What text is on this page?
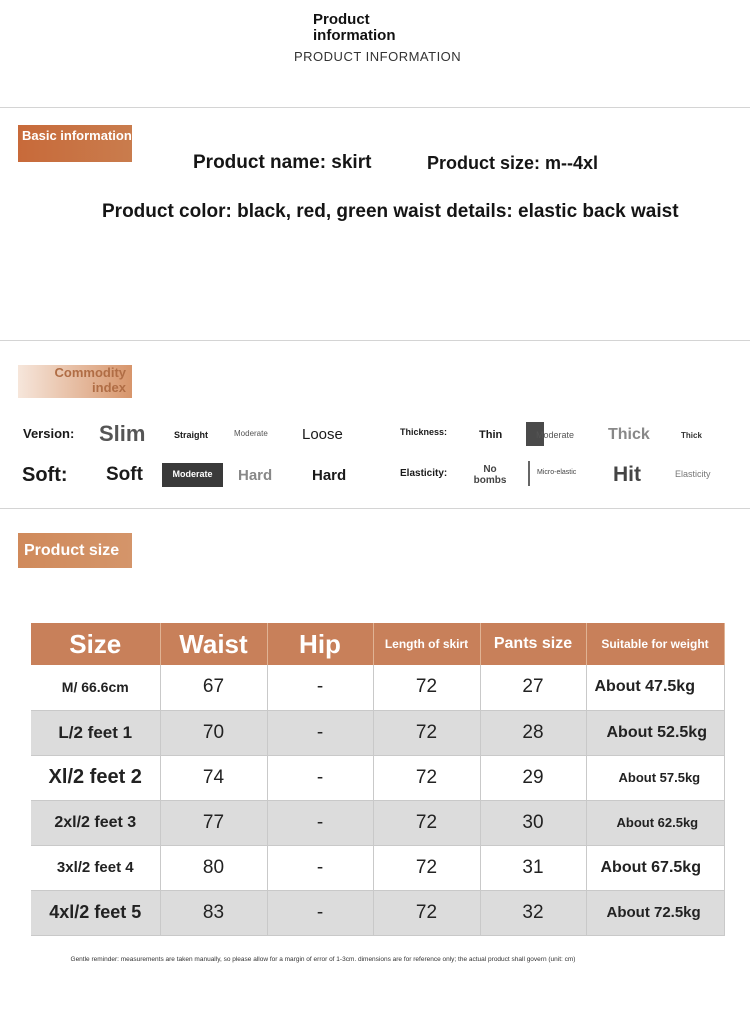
Product information
PRODUCT INFORMATION
Basic information
Product name: skirt	Product size: m--4xl
Product color: black, red, green waist details: elastic back waist
Commodity index
Version: Slim	Straight	Moderate Loose	Thickness:	Thin	Moderate Thick	Thick
Soft: Soft	Moderate	Hard	Hard	Elasticity:	No bombs
Micro-elastic Hit	Elasticity
Product size
Size	Waist	Hip	Length of skirt	Pants size	Suitable for weight
M/ 66.6cm	67	-	72	27	About 47.5kg
L/2 feet 1	70	-	72	28	About 52.5kg
Xl/2 feet 2	74	-	72	29	About 57.5kg
2xl/2 feet 3	77	-	72	30	About 62.5kg
3xl/2 feet 4	80	-	72	31	About 67.5kg
4xl/2 feet 5	83	-	72	32	About 72.5kg
Gentle reminder: measurements are taken manually, so please allow for a margin of error of 1-3cm. dimensions are for reference only; the actual product shall govern (unit: cm)
